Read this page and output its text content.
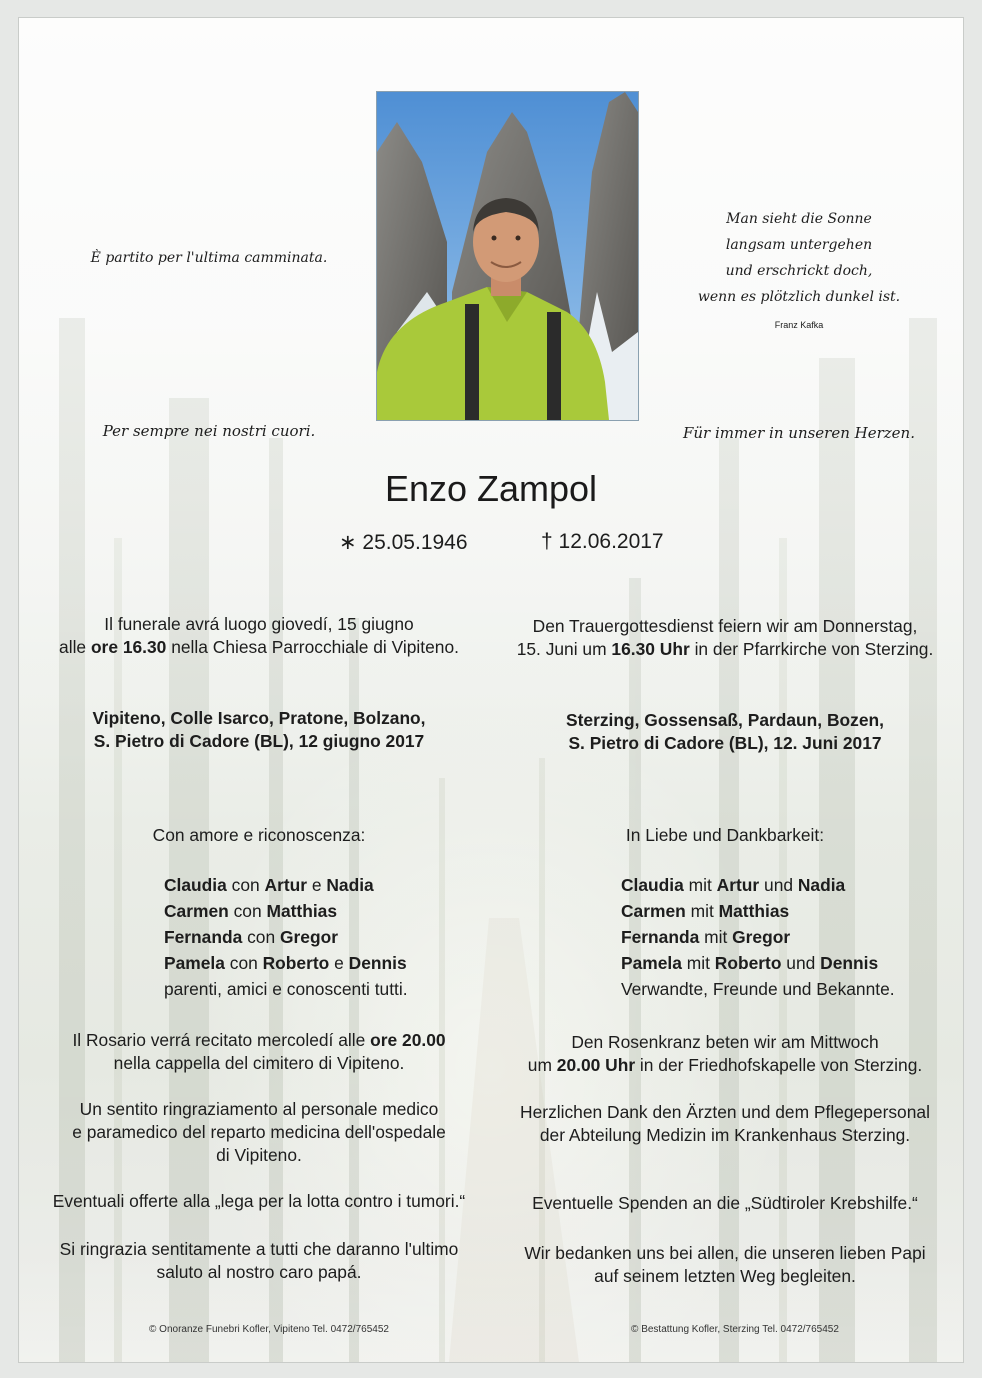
È partito per l'ultima camminata.
Per sempre nei nostri cuori.
Man sieht die Sonne
langsam untergehen
und erschrickt doch,
wenn es plötzlich dunkel ist.
Franz Kafka
Für immer in unseren Herzen.
Enzo Zampol
∗ 25.05.1946	† 12.06.2017
Il funerale avrá luogo giovedí, 15 giugno
alle ore 16.30 nella Chiesa Parrocchiale di Vipiteno.
Vipiteno, Colle Isarco, Pratone, Bolzano,
S. Pietro di Cadore (BL), 12 giugno 2017
Con amore e riconoscenza:
Claudia con Artur e Nadia
Carmen con Matthias
Fernanda con Gregor
Pamela con Roberto e Dennis
parenti, amici e conoscenti tutti.
Il Rosario verrá recitato mercoledí alle ore 20.00
nella cappella del cimitero di Vipiteno.
Un sentito ringraziamento al personale medico
e paramedico del reparto medicina dell'ospedale
di Vipiteno.
Eventuali offerte alla „lega per la lotta contro i tumori.“
Si ringrazia sentitamente a tutti che daranno l'ultimo
saluto al nostro caro papá.
© Onoranze Funebri Kofler, Vipiteno Tel. 0472/765452
Den Trauergottesdienst feiern wir am Donnerstag,
15. Juni um 16.30 Uhr in der Pfarrkirche von Sterzing.
Sterzing, Gossensaß, Pardaun, Bozen,
S. Pietro di Cadore (BL), 12. Juni 2017
In Liebe und Dankbarkeit:
Claudia mit Artur und Nadia
Carmen mit Matthias
Fernanda mit Gregor
Pamela mit Roberto und Dennis
Verwandte, Freunde und Bekannte.
Den Rosenkranz beten wir am Mittwoch
um 20.00 Uhr in der Friedhofskapelle von Sterzing.
Herzlichen Dank den Ärzten und dem Pflegepersonal
der Abteilung Medizin im Krankenhaus Sterzing.
Eventuelle Spenden an die „Südtiroler Krebshilfe.“
Wir bedanken uns bei allen, die unseren lieben Papi
auf seinem letzten Weg begleiten.
© Bestattung Kofler, Sterzing Tel. 0472/765452
